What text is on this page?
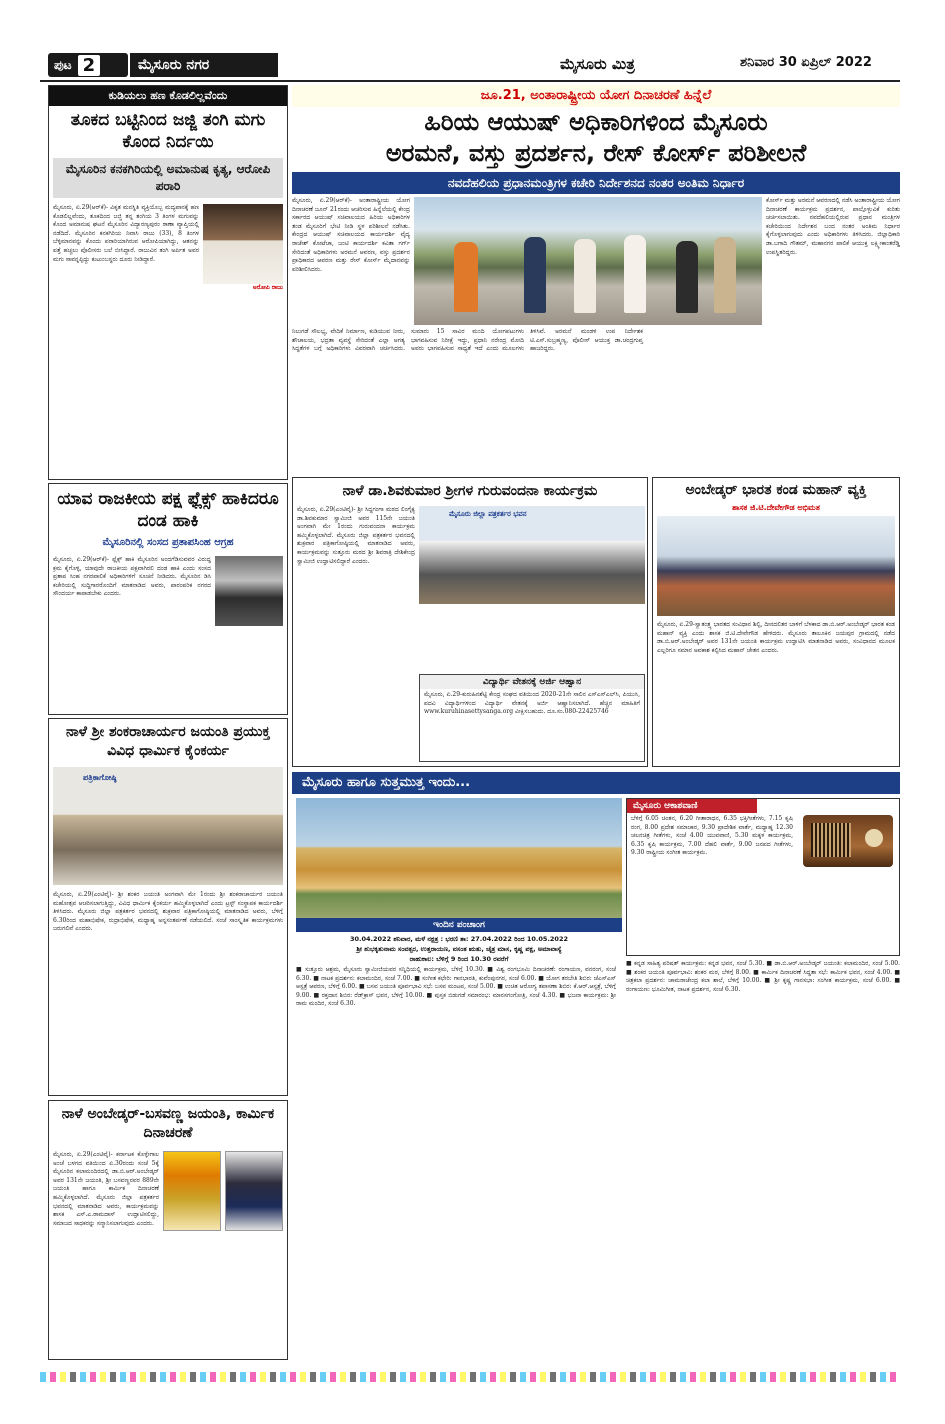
ಪುಟ 2	ಮೈಸೂರು ನಗರ	ಮೈಸೂರು ಮಿತ್ರ	ಶನಿವಾರ 30 ಏಪ್ರಿಲ್ 2022
ಕುಡಿಯಲು ಹಣ ಕೊಡಲಿಲ್ಲವೆಂದು
ತೂಕದ ಬಟ್ಟಿನಿಂದ ಜಜ್ಜಿ ತಂಗಿ ಮಗು ಕೊಂದ ನಿರ್ದಯಿ
ಮೈಸೂರಿನ ಕನಕಗಿರಿಯಲ್ಲಿ ಅಮಾನುಷ ಕೃತ್ಯ, ಆರೋಪಿ ಪರಾರಿ
ಅರೋಪಿ ರಾಜು
ಮೈಸೂರು, ಏ.29(ಆರ್‌ಕೆ)- ವಿಕೃತ ಮನಸ್ಥಿತಿ ವ್ಯಕ್ತಿಯೊಬ್ಬ ಮದ್ಯಪಾನಕ್ಕೆ ಹಣ ಕೊಡಲಿಲ್ಲವೆಂದು, ತೂಕದಿಂದ ಜಜ್ಜಿ ತನ್ನ ತಂಗಿಯ 3 ತಿಂಗಳ ಮಗುವನ್ನು ಕೊಂದ ಅಮಾನುಷ ಘಟನೆ ಮೈಸೂರಿನ ವಿದ್ಯಾರಣ್ಯಪುರಂ ಠಾಣಾ ವ್ಯಾಪ್ತಿಯಲ್ಲಿ ನಡೆದಿದೆ. ಮೈಸೂರಿನ ಕನಕಗಿರಿಯ ನಿವಾಸಿ ರಾಜು (33), 8 ತಿಂಗಳ ಬೆಳ್ಳಿಮಾನವನ್ನು ಕೊಂದು ಪರಾರಿಯಾಗಿರುವ ಆರೋಪಿಯಾಗಿದ್ದು, ಆತನನ್ನು ಪತ್ತೆ ಹಚ್ಚಲು ಪೊಲೀಸರು ಬಲೆ ಬೀಸಿದ್ದಾರೆ. ರಾಜುವಿನ ತಂಗಿ ಅರ್ಪಿತ ಅವರ ಮಗು ಸಾವನ್ನಪ್ಪಿದ್ದು ಕುಟುಂಬಸ್ಥರು ದೂರು ನೀಡಿದ್ದಾರೆ.
ಯಾವ ರಾಜಕೀಯ ಪಕ್ಷ ಫ್ಲೆಕ್ಸ್ ಹಾಕಿದರೂ ದಂಡ ಹಾಕಿ
ಮೈಸೂರಿನಲ್ಲಿ ಸಂಸದ ಪ್ರತಾಪಸಿಂಹ ಆಗ್ರಹ
ಮೈಸೂರು, ಏ.29(ಆರ್‌ಕೆ)- ಫ್ಲೆಕ್ಸ್ ಹಾಕಿ ಮೈಸೂರಿನ ಅಂದಗೆಡಿಸುವವರ ವಿರುದ್ಧ ಕ್ರಮ ಕೈಗೊಳ್ಳಿ, ಯಾವುದೇ ರಾಜಕೀಯ ಪಕ್ಷವಾಗಿರಲಿ ದಂಡ ಹಾಕಿ ಎಂದು ಸಂಸದ ಪ್ರತಾಪ ಸಿಂಹ ನಗರಪಾಲಿಕೆ ಅಧಿಕಾರಿಗಳಿಗೆ ಸೂಚನೆ ನೀಡಿದರು. ಮೈಸೂರಿನ ಡಿಸಿ ಕಚೇರಿಯಲ್ಲಿ ಸುದ್ದಿಗಾರರೊಂದಿಗೆ ಮಾತನಾಡಿದ ಅವರು, ಪಾರಂಪರಿಕ ನಗರದ ಸೌಂದರ್ಯ ಕಾಪಾಡಬೇಕು ಎಂದರು.
ನಾಳೆ ಶ್ರೀ ಶಂಕರಾಚಾರ್ಯರ ಜಯಂತಿ ಪ್ರಯುಕ್ತ ವಿವಿಧ ಧಾರ್ಮಿಕ ಕೈಂಕರ್ಯ
ಪತ್ರಿಕಾಗೋಷ್ಠಿ
ಮೈಸೂರು, ಏ.29(ಎಂಟಿವೈ)- ಶ್ರೀ ಶಂಕರ ಜಯಂತಿ ಅಂಗವಾಗಿ ಮೇ 1ರಂದು ಶ್ರೀ ಶಂಕರಾಚಾರ್ಯರ ಜಯಂತಿ ಮಹೋತ್ಸವ ಆಚರಿಸಲಾಗುತ್ತಿದ್ದು, ವಿವಿಧ ಧಾರ್ಮಿಕ ಕೈಂಕರ್ಯ ಹಮ್ಮಿಕೊಳ್ಳಲಾಗಿದೆ ಎಂದು ಟ್ರಸ್ಟ್ ಸಂಸ್ಥಾಪಕ ಕಾರ್ಯದರ್ಶಿ ತಿಳಿಸಿದರು. ಮೈಸೂರು ಜಿಲ್ಲಾ ಪತ್ರಕರ್ತರ ಭವನದಲ್ಲಿ ಶುಕ್ರವಾರ ಪತ್ರಿಕಾಗೋಷ್ಠಿಯಲ್ಲಿ ಮಾತನಾಡಿದ ಅವರು, ಬೆಳಿಗ್ಗೆ 6.30ರಿಂದ ಮಹಾಭಿಷೇಕ, ರುದ್ರಾಭಿಷೇಕ, ಮಧ್ಯಾಹ್ನ ಅನ್ನಸಂತರ್ಪಣೆ ನಡೆಯಲಿದೆ. ಸಂಜೆ ಸಾಂಸ್ಕೃತಿಕ ಕಾರ್ಯಕ್ರಮಗಳು ಜರುಗಲಿವೆ ಎಂದರು.
ನಾಳೆ ಅಂಬೇಡ್ಕರ್-ಬಸವಣ್ಣ ಜಯಂತಿ, ಕಾರ್ಮಿಕ ದಿನಾಚರಣೆ
ಮೈಸೂರು, ಏ.29(ಎಂಟಿವೈ)- ಕರ್ನಾಟಕ ಕೊಳ್ಳೇಗಾಲ ಅಂಚೆ ಬಳಗದ ವತಿಯಿಂದ ಏ.30ರಂದು ಸಂಜೆ 5ಕ್ಕೆ ಮೈಸೂರಿನ ಕಲಾಮಂದಿರದಲ್ಲಿ ಡಾ.ಬಿ.ಆರ್.ಅಂಬೇಡ್ಕರ್ ಅವರ 131ನೇ ಜಯಂತಿ, ಶ್ರೀ ಬಸವಣ್ಣನವರ 889ನೇ ಜಯಂತಿ ಹಾಗೂ ಕಾರ್ಮಿಕ ದಿನಾಚರಣೆ ಹಮ್ಮಿಕೊಳ್ಳಲಾಗಿದೆ. ಮೈಸೂರು ಜಿಲ್ಲಾ ಪತ್ರಕರ್ತರ ಭವನದಲ್ಲಿ ಮಾತನಾಡಿದ ಅವರು, ಕಾರ್ಯಕ್ರಮವನ್ನು ಶಾಸಕ ಎಸ್.ಎ.ರಾಮದಾಸ್ ಉದ್ಘಾಟಿಸಲಿದ್ದು, ಸಮಾಜದ ಸಾಧಕರನ್ನು ಸನ್ಮಾನಿಸಲಾಗುವುದು ಎಂದರು.
ಜೂ.21, ಅಂತಾರಾಷ್ಟ್ರೀಯ ಯೋಗ ದಿನಾಚರಣೆ ಹಿನ್ನೆಲೆ
ಹಿರಿಯ ಆಯುಷ್ ಅಧಿಕಾರಿಗಳಿಂದ ಮೈಸೂರು
ಅರಮನೆ, ವಸ್ತು ಪ್ರದರ್ಶನ, ರೇಸ್ ಕೋರ್ಸ್ ಪರಿಶೀಲನೆ
ನವದೆಹಲಿಯ ಪ್ರಧಾನಮಂತ್ರಿಗಳ ಕಚೇರಿ ನಿರ್ದೇಶನದ ನಂತರ ಅಂತಿಮ ನಿರ್ಧಾರ
ಮೈಸೂರು, ಏ.29(ಆರ್‌ಕೆ)- ಅಂತಾರಾಷ್ಟ್ರೀಯ ಯೋಗ ದಿನಾಚರಣೆ ಜೂನ್ 21ರಂದು ಆಚರಿಸುವ ಹಿನ್ನೆಲೆಯಲ್ಲಿ ಕೇಂದ್ರ ಸರ್ಕಾರದ ಆಯುಷ್ ಸಚಿವಾಲಯದ ಹಿರಿಯ ಅಧಿಕಾರಿಗಳ ತಂಡ ಮೈಸೂರಿಗೆ ಭೇಟಿ ನೀಡಿ ಸ್ಥಳ ಪರಿಶೀಲನೆ ನಡೆಸಿತು. ಕೇಂದ್ರದ ಆಯುಷ್ ಸಚಿವಾಲಯದ ಕಾರ್ಯದರ್ಶಿ ವೈದ್ಯ ರಾಜೇಶ್ ಕೋಟೆಚಾ, ಜಂಟಿ ಕಾರ್ಯದರ್ಶಿ ಕವಿತಾ ಗರ್ಗ್ ಸೇರಿದಂತೆ ಅಧಿಕಾರಿಗಳು ಅರಮನೆ ಆವರಣ, ವಸ್ತು ಪ್ರದರ್ಶನ ಪ್ರಾಧಿಕಾರದ ಆವರಣ ಮತ್ತು ರೇಸ್ ಕೋರ್ಸ್ ಮೈದಾನವನ್ನು ಪರಿಶೀಲಿಸಿದರು.
ಕೋರ್ಸ್ ಮತ್ತು ಅರಮನೆ ಆವರಣದಲ್ಲಿ ನಡೆಸಿ ಅಂತಾರಾಷ್ಟ್ರೀಯ ಯೋಗ ದಿನಾಚರಣೆ ಕಾರ್ಯಕ್ರಮ ಪ್ರದರ್ಶನ, ಪಾಲ್ಗೊಳ್ಳುವಿಕೆ ಕುರಿತು ಚರ್ಚಿಸಲಾಯಿತು. ನವದೆಹಲಿಯಲ್ಲಿರುವ ಪ್ರಧಾನ ಮಂತ್ರಿಗಳ ಕಚೇರಿಯಿಂದ ನಿರ್ದೇಶನ ಬಂದ ನಂತರ ಅಂತಿಮ ನಿರ್ಧಾರ ಕೈಗೊಳ್ಳಲಾಗುವುದು ಎಂದು ಅಧಿಕಾರಿಗಳು ತಿಳಿಸಿದರು. ಜಿಲ್ಲಾಧಿಕಾರಿ ಡಾ.ಬಗಾದಿ ಗೌತಮ್, ಮಹಾನಗರ ಪಾಲಿಕೆ ಆಯುಕ್ತ ಲಕ್ಷ್ಮೀಕಾಂತರೆಡ್ಡಿ ಉಪಸ್ಥಿತರಿದ್ದರು.
ನಿಲುಗಡೆ ಸೌಲಭ್ಯ, ವೇದಿಕೆ ನಿರ್ಮಾಣ, ಕುಡಿಯುವ ನೀರು, ಶೌಚಾಲಯ, ಭದ್ರತಾ ವ್ಯವಸ್ಥೆ ಸೇರಿದಂತೆ ಎಲ್ಲಾ ಅಗತ್ಯ ಸಿದ್ಧತೆಗಳ ಬಗ್ಗೆ ಅಧಿಕಾರಿಗಳು ವಿವರವಾಗಿ ಚರ್ಚಿಸಿದರು. ಸುಮಾರು 15 ಸಾವಿರ ಮಂದಿ ಯೋಗಪಟುಗಳು ಭಾಗವಹಿಸುವ ನಿರೀಕ್ಷೆ ಇದ್ದು, ಪ್ರಧಾನಿ ನರೇಂದ್ರ ಮೋದಿ ಅವರು ಭಾಗವಹಿಸುವ ಸಾಧ್ಯತೆ ಇದೆ ಎಂದು ಮೂಲಗಳು ತಿಳಿಸಿವೆ. ಅರಮನೆ ಮಂಡಳಿ ಉಪ ನಿರ್ದೇಶಕ ಟಿ.ಎಸ್.ಸುಬ್ರಹ್ಮಣ್ಯ, ಪೊಲೀಸ್ ಆಯುಕ್ತ ಡಾ.ಚಂದ್ರಗುಪ್ತ ಹಾಜರಿದ್ದರು.
ನಾಳೆ ಡಾ.ಶಿವಕುಮಾರ ಶ್ರೀಗಳ ಗುರುವಂದನಾ ಕಾರ್ಯಕ್ರಮ
ಮೈಸೂರು, ಏ.29(ಎಂಟಿವೈ)- ಶ್ರೀ ಸಿದ್ಧಗಂಗಾ ಮಠದ ಲಿಂಗೈಕ್ಯ ಡಾ.ಶಿವಕುಮಾರ ಸ್ವಾಮೀಜಿ ಅವರ 115ನೇ ಜಯಂತಿ ಅಂಗವಾಗಿ ಮೇ 1ರಂದು ಗುರುವಂದನಾ ಕಾರ್ಯಕ್ರಮ ಹಮ್ಮಿಕೊಳ್ಳಲಾಗಿದೆ. ಮೈಸೂರು ಜಿಲ್ಲಾ ಪತ್ರಕರ್ತರ ಭವನದಲ್ಲಿ ಶುಕ್ರವಾರ ಪತ್ರಿಕಾಗೋಷ್ಠಿಯಲ್ಲಿ ಮಾತನಾಡಿದ ಅವರು, ಕಾರ್ಯಕ್ರಮವನ್ನು ಸುತ್ತೂರು ಮಠದ ಶ್ರೀ ಶಿವರಾತ್ರಿ ದೇಶಿಕೇಂದ್ರ ಸ್ವಾಮೀಜಿ ಉದ್ಘಾಟಿಸಲಿದ್ದಾರೆ ಎಂದರು.
ಮೈಸೂರು ಜಿಲ್ಲಾ ಪತ್ರಕರ್ತರ ಭವನ
ವಿದ್ಯಾರ್ಥಿ ವೇತನಕ್ಕೆ ಅರ್ಜಿ ಆಹ್ವಾನ
ಮೈಸೂರು, ಏ.29-ಕುರುಹಿನಶೆಟ್ಟಿ ಕೇಂದ್ರ ಸಂಘದ ವತಿಯಿಂದ 2020-21ನೇ ಸಾಲಿನ ಎಸ್‌ಎಸ್‌ಎಲ್‌ಸಿ, ಪಿಯುಸಿ, ಪದವಿ ವಿದ್ಯಾರ್ಥಿಗಳಿಂದ ವಿದ್ಯಾರ್ಥಿ ವೇತನಕ್ಕೆ ಅರ್ಜಿ ಆಹ್ವಾನಿಸಲಾಗಿದೆ. ಹೆಚ್ಚಿನ ಮಾಹಿತಿಗೆ www.kuruhinasettysanga.org ವೀಕ್ಷಿಸಬಹುದು. ದೂ.ಸಂ.080-22425746
ಅಂಬೇಡ್ಕರ್ ಭಾರತ ಕಂಡ ಮಹಾನ್ ವ್ಯಕ್ತಿ
ಶಾಸಕ ಜಿ.ಟಿ.ದೇವೇಗೌಡ ಅಭಿಮತ
ಮೈಸೂರು, ಏ.29-ಸ್ವಾತಂತ್ರ್ಯ ಭಾರತದ ಸಂವಿಧಾನ ಶಿಲ್ಪಿ, ದೀನದಲಿತರ ಬಾಳಿಗೆ ಬೆಳಕಾದ ಡಾ.ಬಿ.ಆರ್.ಅಂಬೇಡ್ಕರ್ ಭಾರತ ಕಂಡ ಮಹಾನ್ ವ್ಯಕ್ತಿ ಎಂದು ಶಾಸಕ ಜಿ.ಟಿ.ದೇವೇಗೌಡ ಹೇಳಿದರು. ಮೈಸೂರು ತಾಲೂಕಿನ ಜಯಪುರ ಗ್ರಾಮದಲ್ಲಿ ನಡೆದ ಡಾ.ಬಿ.ಆರ್.ಅಂಬೇಡ್ಕರ್ ಅವರ 131ನೇ ಜಯಂತಿ ಕಾರ್ಯಕ್ರಮ ಉದ್ಘಾಟಿಸಿ ಮಾತನಾಡಿದ ಅವರು, ಸಂವಿಧಾನದ ಮೂಲಕ ಎಲ್ಲರಿಗೂ ಸಮಾನ ಅವಕಾಶ ಕಲ್ಪಿಸಿದ ಮಹಾನ್ ಚೇತನ ಎಂದರು.
ಮೈಸೂರು ಹಾಗೂ ಸುತ್ತಮುತ್ತ ಇಂದು...
ಇಂದಿನ ಪಂಚಾಂಗ
30.04.2022 ಶನಿವಾರ, ಮಳೆ ನಕ್ಷತ್ರ : ಭರಣಿ ತಾ: 27.04.2022 ರಿಂದ 10.05.2022
ಶ್ರೀ ಶುಭಕೃತುನಾಮ ಸಂವತ್ಸರ, ಉತ್ತರಾಯಣ, ವಸಂತ ಋತು, ಚೈತ್ರ ಮಾಸ, ಕೃಷ್ಣ ಪಕ್ಷ, ಅಮಾವಾಸ್ಯೆ
ರಾಹುಕಾಲ: ಬೆಳಿಗ್ಗೆ 9 ರಿಂದ 10.30 ರವರೆಗೆ
ಮೈಸೂರು ಆಕಾಶವಾಣಿ
ಬೆಳಿಗ್ಗೆ 6.05 ಚಿಂತನ, 6.20 ಗೀತಾರಾಧನ, 6.35 ಭಕ್ತಿಗೀತೆಗಳು, 7.15 ಕೃಷಿ ರಂಗ, 8.00 ಪ್ರದೇಶ ಸಮಾಚಾರ, 9.30 ಪ್ರಾದೇಶಿಕ ವಾರ್ತೆ, ಮಧ್ಯಾಹ್ನ 12.30 ಚಲನಚಿತ್ರ ಗೀತೆಗಳು, ಸಂಜೆ 4.00 ಯುವವಾಣಿ, 5.30 ಮಕ್ಕಳ ಕಾರ್ಯಕ್ರಮ, 6.35 ಕೃಷಿ ಕಾರ್ಯಕ್ರಮ, 7.00 ದೆಹಲಿ ವಾರ್ತೆ, 9.00 ಜನಪದ ಗೀತೆಗಳು, 9.30 ರಾಷ್ಟ್ರೀಯ ಸಂಗೀತ ಕಾರ್ಯಕ್ರಮ.
■ ಸುತ್ತೂರು ಆಶ್ರಮ, ಮೈಸೂರು ಸ್ವಾಮೀಜಿಯವರ ಸನ್ನಿಧಿಯಲ್ಲಿ ಕಾರ್ಯಕ್ರಮ, ಬೆಳಿಗ್ಗೆ 10.30. ■ ವಿಶ್ವ ರಂಗಭೂಮಿ ದಿನಾಚರಣೆ: ರಂಗಾಯಣ, ವನರಂಗ, ಸಂಜೆ 6.30. ■ ನಾಟಕ ಪ್ರದರ್ಶನ: ಕಲಾಮಂದಿರ, ಸಂಜೆ 7.00. ■ ಸಂಗೀತ ಕಛೇರಿ: ಗಾನಭಾರತಿ, ಕುವೆಂಪುನಗರ, ಸಂಜೆ 6.00. ■ ಯೋಗ ತರಬೇತಿ ಶಿಬಿರ: ಜೆಎಸ್‌ಎಸ್ ಆಸ್ಪತ್ರೆ ಆವರಣ, ಬೆಳಿಗ್ಗೆ 6.00. ■ ಬಸವ ಜಯಂತಿ ಪೂರ್ವಭಾವಿ ಸಭೆ: ಬಸವ ಮಂಟಪ, ಸಂಜೆ 5.00. ■ ಉಚಿತ ಆರೋಗ್ಯ ತಪಾಸಣಾ ಶಿಬಿರ: ಕೆ.ಆರ್.ಆಸ್ಪತ್ರೆ, ಬೆಳಿಗ್ಗೆ 9.00. ■ ರಕ್ತದಾನ ಶಿಬಿರ: ರೆಡ್‌ಕ್ರಾಸ್ ಭವನ, ಬೆಳಿಗ್ಗೆ 10.00. ■ ಪುಸ್ತಕ ಬಿಡುಗಡೆ ಸಮಾರಂಭ: ಮಾನಸಗಂಗೋತ್ರಿ, ಸಂಜೆ 4.30. ■ ಭಜನಾ ಕಾರ್ಯಕ್ರಮ: ಶ್ರೀ ರಾಮ ಮಂದಿರ, ಸಂಜೆ 6.30.
■ ಕನ್ನಡ ಸಾಹಿತ್ಯ ಪರಿಷತ್ ಕಾರ್ಯಕ್ರಮ: ಕನ್ನಡ ಭವನ, ಸಂಜೆ 5.30. ■ ಡಾ.ಬಿ.ಆರ್.ಅಂಬೇಡ್ಕರ್ ಜಯಂತಿ: ಕಲಾಮಂದಿರ, ಸಂಜೆ 5.00. ■ ಶಂಕರ ಜಯಂತಿ ಪೂರ್ವಭಾವಿ: ಶಂಕರ ಮಠ, ಬೆಳಿಗ್ಗೆ 8.00. ■ ಕಾರ್ಮಿಕ ದಿನಾಚರಣೆ ಸಿದ್ಧತಾ ಸಭೆ: ಕಾರ್ಮಿಕ ಭವನ, ಸಂಜೆ 4.00. ■ ಚಿತ್ರಕಲಾ ಪ್ರದರ್ಶನ: ಚಾಮರಾಜೇಂದ್ರ ಕಲಾ ಶಾಲೆ, ಬೆಳಿಗ್ಗೆ 10.00. ■ ಶ್ರೀ ಕೃಷ್ಣ ಗಾನಸಭಾ: ಸಂಗೀತ ಕಾರ್ಯಕ್ರಮ, ಸಂಜೆ 6.00. ■ ರಂಗಾಯಣ: ಭೂಮಿಗೀತ, ನಾಟಕ ಪ್ರದರ್ಶನ, ಸಂಜೆ 6.30.
